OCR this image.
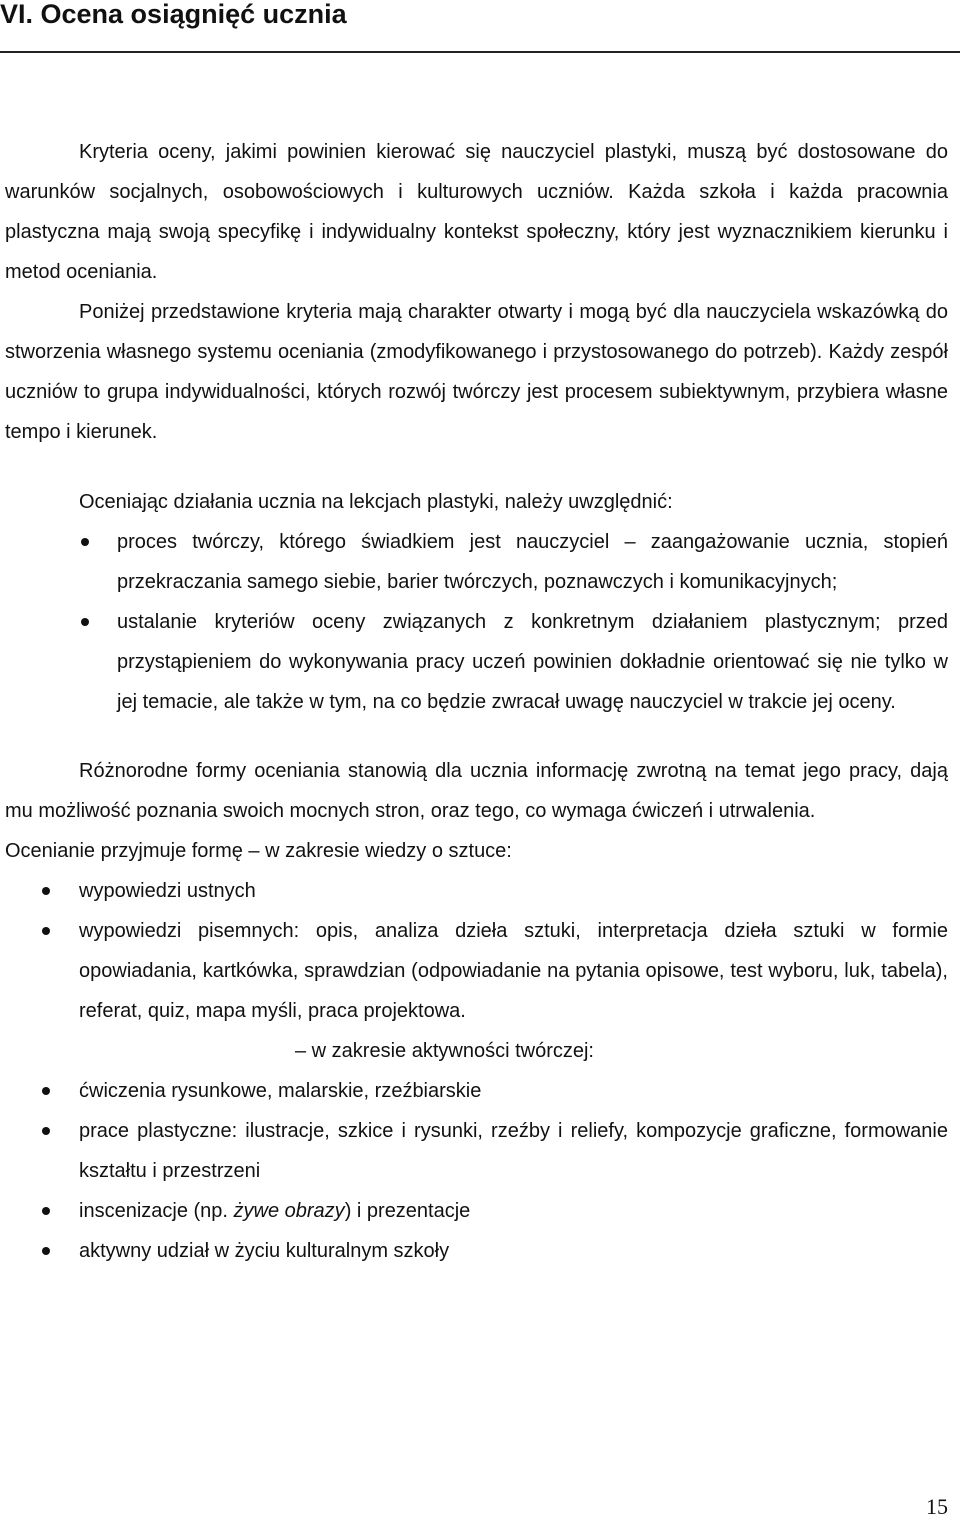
VI. Ocena osiągnięć ucznia

Kryteria oceny, jakimi powinien kierować się nauczyciel plastyki, muszą być dostosowane do warunków socjalnych, osobowościowych i kulturowych uczniów. Każda szkoła i każda pracownia plastyczna mają swoją specyfikę i indywidualny kontekst społeczny, który jest wyznacznikiem kierunku i metod oceniania.

Poniżej przedstawione kryteria mają charakter otwarty i mogą być dla nauczyciela wskazówką do stworzenia własnego systemu oceniania (zmodyfikowanego i przystosowanego do potrzeb). Każdy zespół uczniów to grupa indywidualności, których rozwój twórczy jest procesem subiektywnym, przybiera własne tempo i kierunek.

Oceniając działania ucznia na lekcjach plastyki, należy uwzględnić:

proces twórczy, którego świadkiem jest nauczyciel – zaangażowanie ucznia, stopień przekraczania samego siebie, barier twórczych, poznawczych i komunikacyjnych;
ustalanie kryteriów oceny związanych z konkretnym działaniem plastycznym; przed przystąpieniem do wykonywania pracy uczeń powinien dokładnie orientować się nie tylko w jej temacie, ale także w tym, na co będzie zwracał uwagę nauczyciel w trakcie jej oceny.

Różnorodne formy oceniania stanowią dla ucznia informację zwrotną na temat jego pracy, dają mu możliwość poznania swoich mocnych stron, oraz tego, co wymaga ćwiczeń i utrwalenia.

Ocenianie przyjmuje formę – w zakresie wiedzy o sztuce:

wypowiedzi ustnych
wypowiedzi pisemnych: opis, analiza dzieła sztuki, interpretacja dzieła sztuki w formie opowiadania, kartkówka, sprawdzian (odpowiadanie na pytania opisowe, test wyboru, luk, tabela), referat, quiz, mapa myśli, praca projektowa.
– w zakresie aktywności twórczej:
ćwiczenia rysunkowe, malarskie, rzeźbiarskie
prace plastyczne: ilustracje, szkice i rysunki, rzeźby i reliefy, kompozycje graficzne, formowanie kształtu i przestrzeni
inscenizacje (np. żywe obrazy) i prezentacje
aktywny udział w życiu kulturalnym szkoły
15
